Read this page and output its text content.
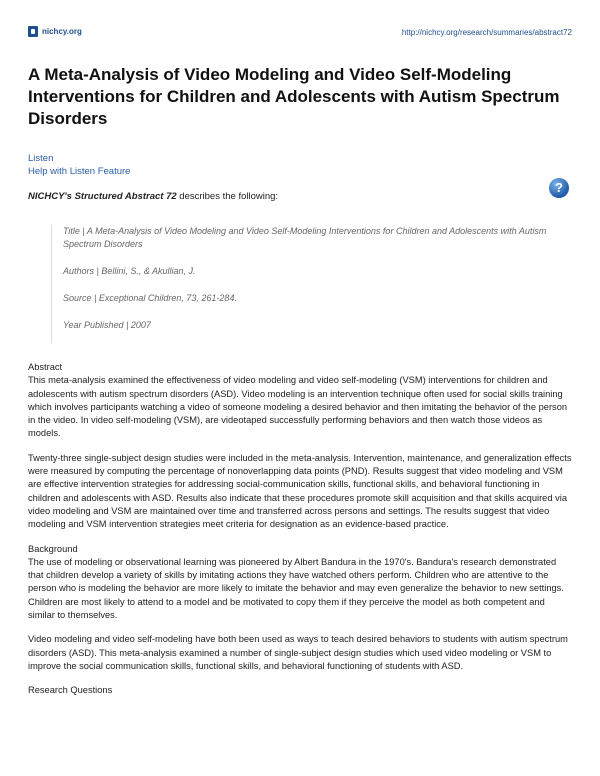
nichcy.org	http://nichcy.org/research/summaries/abstract72
A Meta-Analysis of Video Modeling and Video Self-Modeling Interventions for Children and Adolescents with Autism Spectrum Disorders
Listen
Help with Listen Feature
?
NICHCY's Structured Abstract 72 describes the following:

Title | A Meta-Analysis of Video Modeling and Video Self-Modeling Interventions for Children and Adolescents with Autism Spectrum Disorders

Authors | Bellini, S., & Akullian, J.

Source | Exceptional Children, 73, 261-284.

Year Published | 2007

Abstract
This meta-analysis examined the effectiveness of video modeling and video self-modeling (VSM) interventions for children and adolescents with autism spectrum disorders (ASD). Video modeling is an intervention technique often used for social skills training which involves participants watching a video of someone modeling a desired behavior and then imitating the behavior of the person in the video. In video self-modeling (VSM), are videotaped successfully performing behaviors and then watch those videos as models.

Twenty-three single-subject design studies were included in the meta-analysis. Intervention, maintenance, and generalization effects were measured by computing the percentage of nonoverlapping data points (PND). Results suggest that video modeling and VSM are effective intervention strategies for addressing social-communication skills, functional skills, and behavioral functioning in children and adolescents with ASD. Results also indicate that these procedures promote skill acquisition and that skills acquired via video modeling and VSM are maintained over time and transferred across persons and settings. The results suggest that video modeling and VSM intervention strategies meet criteria for designation as an evidence-based practice.

Background
The use of modeling or observational learning was pioneered by Albert Bandura in the 1970's. Bandura's research demonstrated that children develop a variety of skills by imitating actions they have watched others perform. Children who are attentive to the person who is modeling the behavior are more likely to imitate the behavior and may even generalize the behavior to new settings. Children are most likely to attend to a model and be motivated to copy them if they perceive the model as both competent and similar to themselves.

Video modeling and video self-modeling have both been used as ways to teach desired behaviors to students with autism spectrum disorders (ASD). This meta-analysis examined a number of single-subject design studies which used video modeling or VSM to improve the social communication skills, functional skills, and behavioral functioning of students with ASD.

Research Questions
